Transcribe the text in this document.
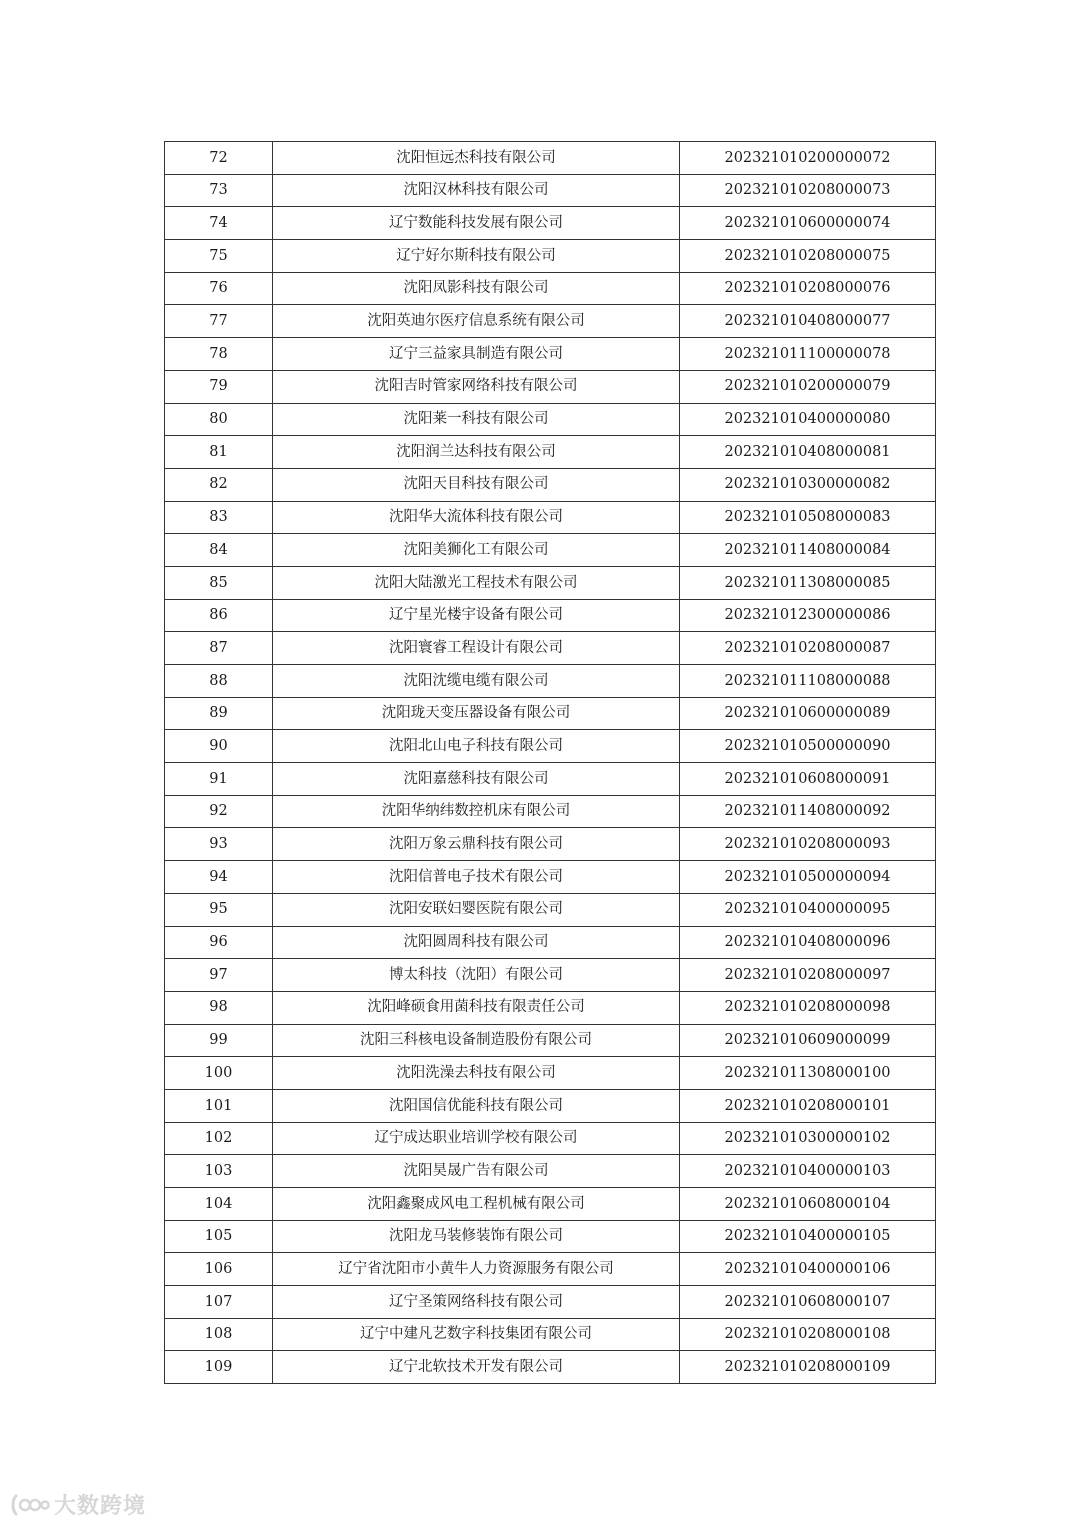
72	沈阳恒远杰科技有限公司	202321010200000072
73	沈阳汉林科技有限公司	202321010208000073
74	辽宁数能科技发展有限公司	202321010600000074
75	辽宁好尔斯科技有限公司	202321010208000075
76	沈阳凤影科技有限公司	202321010208000076
77	沈阳英迪尔医疗信息系统有限公司	202321010408000077
78	辽宁三益家具制造有限公司	202321011100000078
79	沈阳吉时管家网络科技有限公司	202321010200000079
80	沈阳莱一科技有限公司	202321010400000080
81	沈阳润兰达科技有限公司	202321010408000081
82	沈阳天目科技有限公司	202321010300000082
83	沈阳华大流体科技有限公司	202321010508000083
84	沈阳美狮化工有限公司	202321011408000084
85	沈阳大陆激光工程技术有限公司	202321011308000085
86	辽宁星光楼宇设备有限公司	202321012300000086
87	沈阳寰睿工程设计有限公司	202321010208000087
88	沈阳沈缆电缆有限公司	202321011108000088
89	沈阳珑天变压器设备有限公司	202321010600000089
90	沈阳北山电子科技有限公司	202321010500000090
91	沈阳嘉慈科技有限公司	202321010608000091
92	沈阳华纳纬数控机床有限公司	202321011408000092
93	沈阳万象云鼎科技有限公司	202321010208000093
94	沈阳信普电子技术有限公司	202321010500000094
95	沈阳安联妇婴医院有限公司	202321010400000095
96	沈阳圆周科技有限公司	202321010408000096
97	博太科技（沈阳）有限公司	202321010208000097
98	沈阳峰硕食用菌科技有限责任公司	202321010208000098
99	沈阳三科核电设备制造股份有限公司	202321010609000099
100	沈阳洗澡去科技有限公司	202321011308000100
101	沈阳国信优能科技有限公司	202321010208000101
102	辽宁成达职业培训学校有限公司	202321010300000102
103	沈阳昊晟广告有限公司	202321010400000103
104	沈阳鑫聚成风电工程机械有限公司	202321010608000104
105	沈阳龙马装修装饰有限公司	202321010400000105
106	辽宁省沈阳市小黄牛人力资源服务有限公司	202321010400000106
107	辽宁圣策网络科技有限公司	202321010608000107
108	辽宁中建凡艺数字科技集团有限公司	202321010208000108
109	辽宁北软技术开发有限公司	202321010208000109
大数跨境
